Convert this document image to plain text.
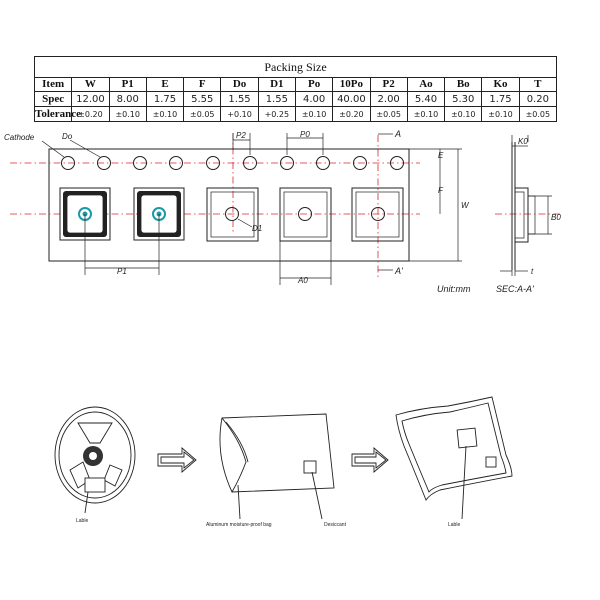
Packing Size													
Item	W	P1	E	F	Do	D1	Po	10Po	P2	Ao	Bo	Ko	T
Spec	12.00	8.00	1.75	5.55	1.55	1.55	4.00	40.00	2.00	5.40	5.30	1.75	0.20
Tolerance	±0.20	±0.10	±0.10	±0.05	+0.10	+0.25	±0.10	±0.20	±0.05	±0.10	±0.10	±0.10	±0.05
Cathode	Do	P2	P0	A
A'
E
F
W
D1
P1
A0
Unit:mm
K0
B0
t
SEC:A-A'
Lable
Aluminum moisture-proof bag	Desiccant	Lable
